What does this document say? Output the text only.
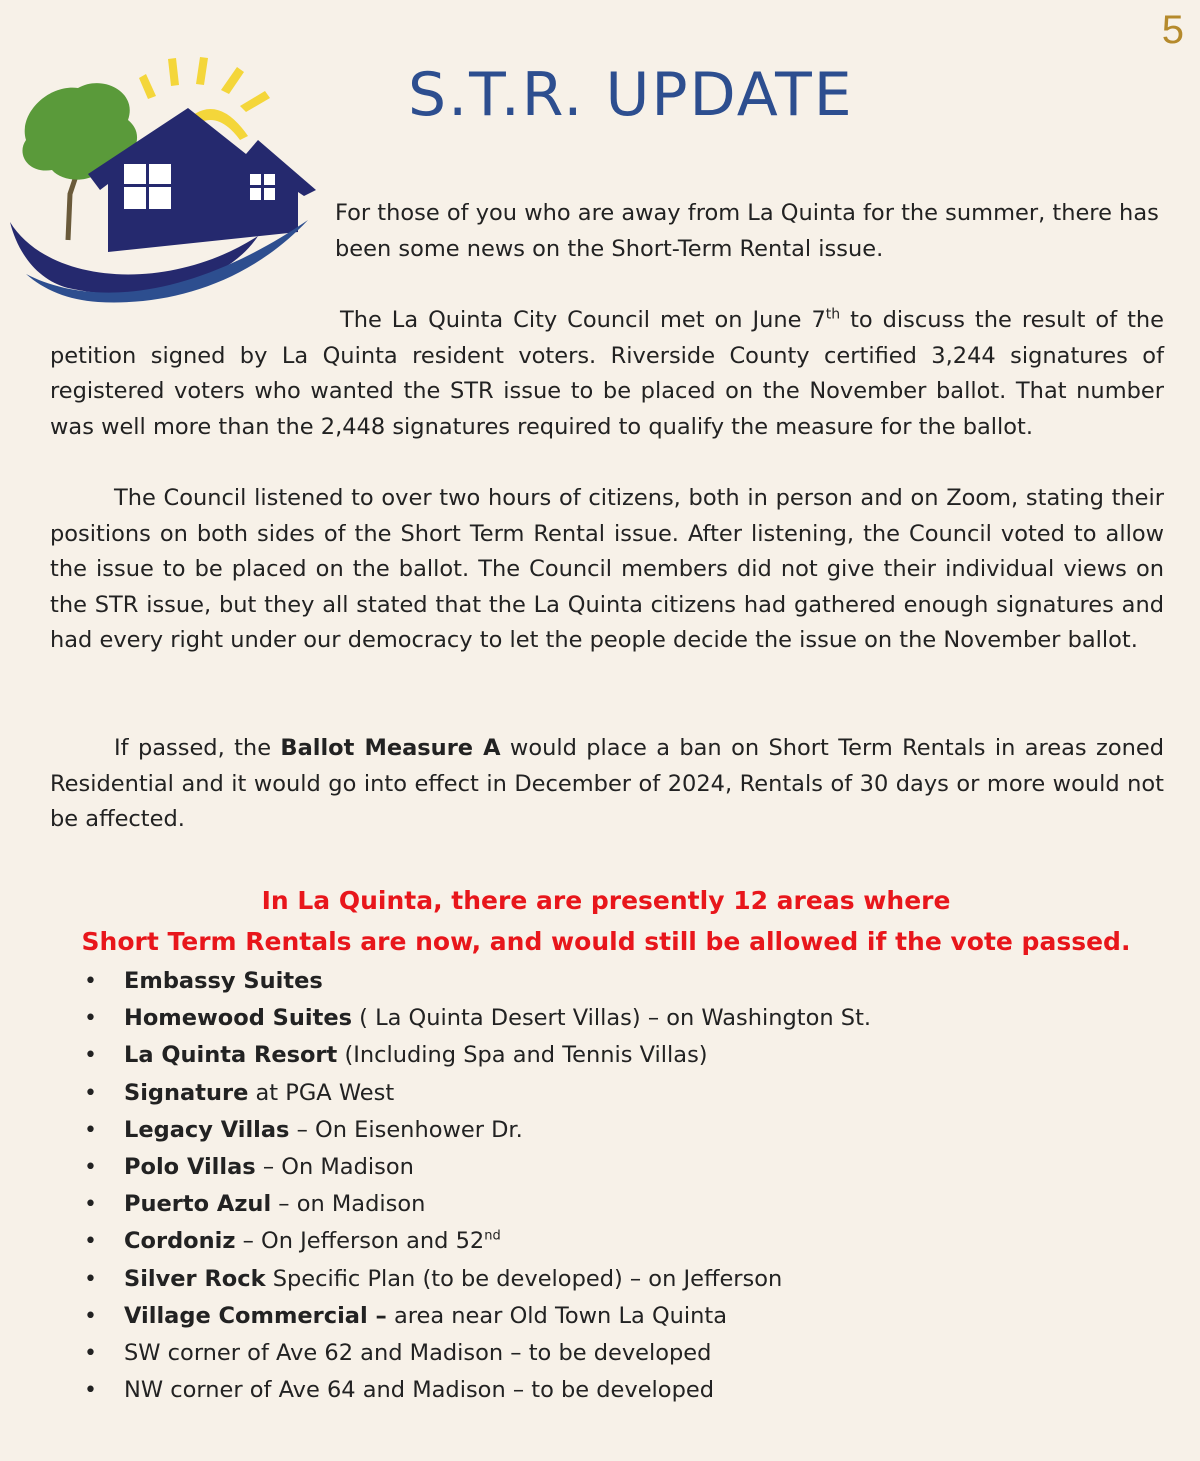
5
S.T.R. UPDATE

For those of you who are away from La Quinta for the summer, there has been some news on the Short-Term Rental issue.

The La Quinta City Council met on June 7th to discuss the result of the petition signed by La Quinta resident voters. Riverside County certified 3,244 signatures of registered voters who wanted the STR issue to be placed on the November ballot. That number was well more than the 2,448 signatures required to qualify the measure for the ballot.

The Council listened to over two hours of citizens, both in person and on Zoom, stating their positions on both sides of the Short Term Rental issue. After listening, the Council voted to allow the issue to be placed on the ballot. The Council members did not give their individual views on the STR issue, but they all stated that the La Quinta citizens had gathered enough signatures and had every right under our democracy to let the people decide the issue on the November ballot.

If passed, the Ballot Measure A would place a ban on Short Term Rentals in areas zoned Residential and it would go into effect in December of 2024, Rentals of 30 days or more would not be affected.

In La Quinta, there are presently 12 areas where
Short Term Rentals are now, and would still be allowed if the vote passed.
• Embassy Suites
• Homewood Suites ( La Quinta Desert Villas) – on Washington St.
• La Quinta Resort (Including Spa and Tennis Villas)
• Signature at PGA West
• Legacy Villas – On Eisenhower Dr.
• Polo Villas – On Madison
• Puerto Azul – on Madison
• Cordoniz – On Jefferson and 52nd
• Silver Rock Specific Plan (to be developed) – on Jefferson
• Village Commercial – area near Old Town La Quinta
• SW corner of Ave 62 and Madison – to be developed
• NW corner of Ave 64 and Madison – to be developed
